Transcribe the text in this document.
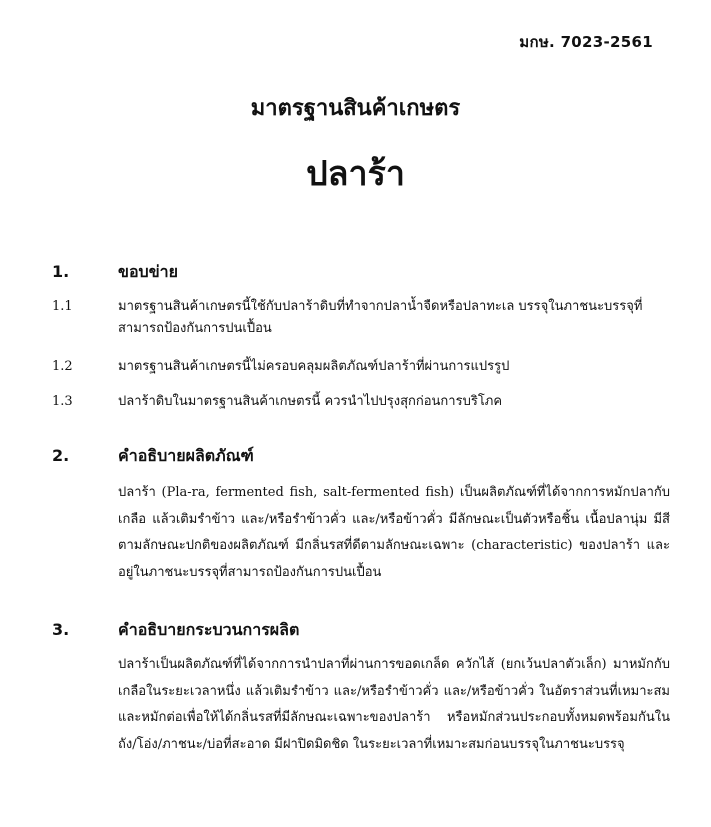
มกษ. 7023-2561
มาตรฐานสินค้าเกษตร
ปลาร้า
1.	ขอบข่าย
1.1	มาตรฐานสินค้าเกษตรนี้ใช้กับปลาร้าดิบที่ทำจากปลาน้ำจืดหรือปลาทะเล บรรจุในภาชนะบรรจุที่สามารถป้องกันการปนเปื้อน
1.2	มาตรฐานสินค้าเกษตรนี้ไม่ครอบคลุมผลิตภัณฑ์ปลาร้าที่ผ่านการแปรรูป
1.3	ปลาร้าดิบในมาตรฐานสินค้าเกษตรนี้ ควรนำไปปรุงสุกก่อนการบริโภค
2.	คำอธิบายผลิตภัณฑ์
ปลาร้า (Pla-ra, fermented fish, salt-fermented fish) เป็นผลิตภัณฑ์ที่ได้จากการหมักปลากับเกลือ แล้วเติมรำข้าว และ/หรือรำข้าวคั่ว และ/หรือข้าวคั่ว มีลักษณะเป็นตัวหรือชิ้น เนื้อปลานุ่ม มีสีตามลักษณะปกติของผลิตภัณฑ์ มีกลิ่นรสที่ดีตามลักษณะเฉพาะ (characteristic) ของปลาร้า และอยู่ในภาชนะบรรจุที่สามารถป้องกันการปนเปื้อน
3.	คำอธิบายกระบวนการผลิต
ปลาร้าเป็นผลิตภัณฑ์ที่ได้จากการนำปลาที่ผ่านการขอดเกล็ด ควักไส้ (ยกเว้นปลาตัวเล็ก) มาหมักกับเกลือในระยะเวลาหนึ่ง แล้วเติมรำข้าว และ/หรือรำข้าวคั่ว และ/หรือข้าวคั่ว ในอัตราส่วนที่เหมาะสม และหมักต่อเพื่อให้ได้กลิ่นรสที่มีลักษณะเฉพาะของปลาร้า หรือหมักส่วนประกอบทั้งหมดพร้อมกันในถัง/โอ่ง/ภาชนะ/บ่อที่สะอาด มีฝาปิดมิดชิด ในระยะเวลาที่เหมาะสมก่อนบรรจุในภาชนะบรรจุ
